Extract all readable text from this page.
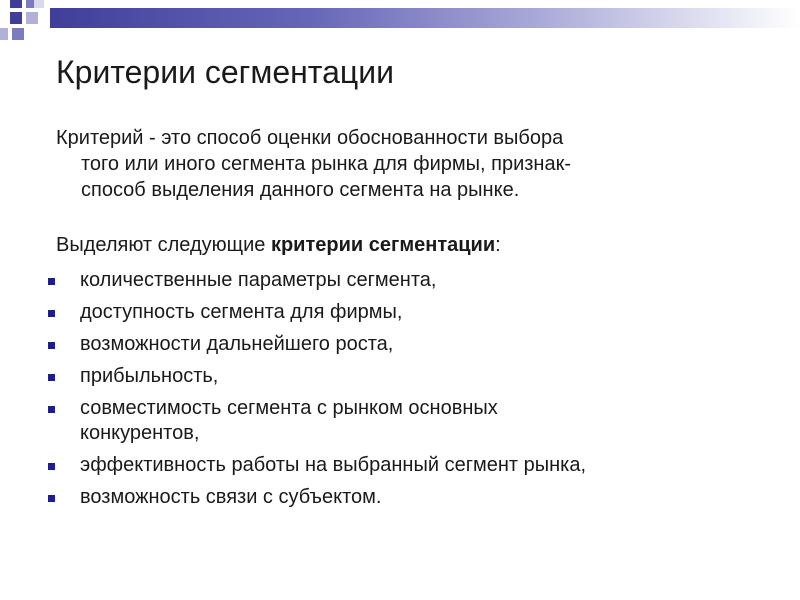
Критерии сегментации
Критерий - это способ оценки обоснованности выбора
того или иного сегмента рынка для фирмы, признак-
способ выделения данного сегмента на рынке.
Выделяют следующие критерии сегментации:
количественные параметры сегмента,
доступность сегмента для фирмы,
возможности дальнейшего роста,
прибыльность,
совместимость сегмента с рынком основных
конкурентов,
эффективность работы на выбранный сегмент рынка,
возможность связи с субъектом.
